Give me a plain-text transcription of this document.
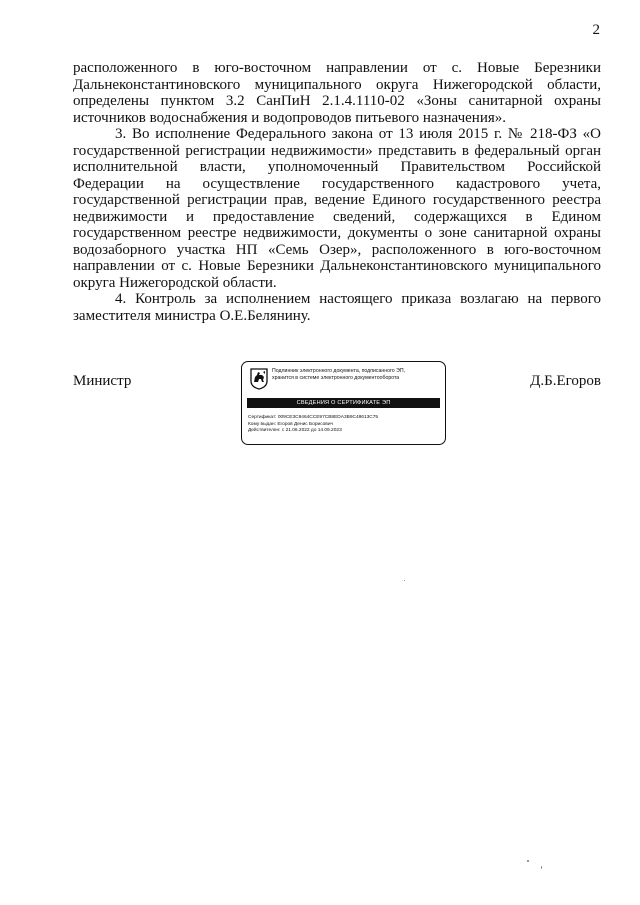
2

расположенного в юго-восточном направлении от с. Новые Березники Дальнеконстантиновского муниципального округа Нижегородской области, определены пунктом 3.2 СанПиН 2.1.4.1110-02 «Зоны санитарной охраны источников водоснабжения и водопроводов питьевого назначения».

3. Во исполнение Федерального закона от 13 июля 2015 г. № 218-ФЗ «О государственной регистрации недвижимости» представить в федеральный орган исполнительной власти, уполномоченный Правительством Российской Федерации на осуществление государственного кадастрового учета, государственной регистрации прав, ведение Единого государственного реестра недвижимости и предоставление сведений, содержащихся в Едином государственном реестре недвижимости, документы о зоне санитарной охраны водозаборного участка НП «Семь Озер», расположенного в юго-восточном направлении от с. Новые Березники Дальнеконстантиновского муниципального округа Нижегородской области.

4. Контроль за исполнением настоящего приказа возлагаю на первого заместителя министра О.Е.Белянину.

Министр
Подлинник электронного документа, подписанного ЭП,
хранится в системе электронного документооборота
СВЕДЕНИЯ О СЕРТИФИКАТЕ ЭП
Сертификат: 009CE3C9464CCE97CB8EDA3B9C48613C75
Кому выдан: Егоров Денис Борисович
Действителен: с 21.06.2022 до 14.09.2023
Д.Б.Егоров
